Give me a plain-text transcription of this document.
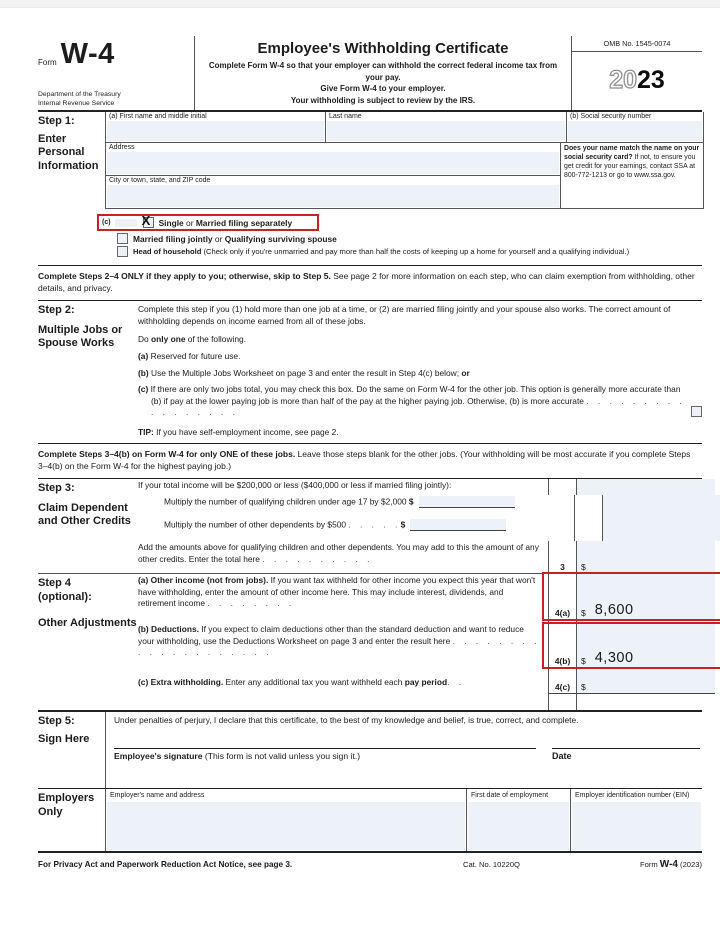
Form W-4
Department of the Treasury
Internal Revenue Service
Employee's Withholding Certificate
Complete Form W-4 so that your employer can withhold the correct federal income tax from your pay.
Give Form W-4 to your employer.
Your withholding is subject to review by the IRS.
OMB No. 1545-0074
20 23
Step 1:
Enter Personal Information
(a) First name and middle initial	Last name	(b) Social security number
Address
City or town, state, and ZIP code
Does your name match the name on your social security card? If not, to ensure you get credit for your earnings, contact SSA at 800-772-1213 or go to www.ssa.gov.
(c) X Single or Married filing separately
Married filing jointly or Qualifying surviving spouse
Head of household (Check only if you're unmarried and pay more than half the costs of keeping up a home for yourself and a qualifying individual.)
Complete Steps 2–4 ONLY if they apply to you; otherwise, skip to Step 5. See page 2 for more information on each step, who can claim exemption from withholding, other details, and privacy.
Step 2:
Multiple Jobs or Spouse Works

Complete this step if you (1) hold more than one job at a time, or (2) are married filing jointly and your spouse also works. The correct amount of withholding depends on income earned from all of these jobs.

Do only one of the following.

(a) Reserved for future use.

(b) Use the Multiple Jobs Worksheet on page 3 and enter the result in Step 4(c) below; or

(c) If there are only two jobs total, you may check this box. Do the same on Form W-4 for the other job. This option is generally more accurate than (b) if pay at the lower paying job is more than half of the pay at the higher paying job. Otherwise, (b) is more accurate . . . . . . . . . . . . . . . . .

TIP: If you have self-employment income, see page 2.

Complete Steps 3–4(b) on Form W-4 for only ONE of these jobs. Leave those steps blank for the other jobs. (Your withholding will be most accurate if you complete Steps 3–4(b) on the Form W-4 for the highest paying job.)
Step 3:
Claim Dependent and Other Credits
If your total income will be $200,000 or less ($400,000 or less if married filing jointly):
Multiply the number of qualifying children under age 17 by $2,000 $
Multiply the number of other dependents by $500 . . . . . $
Add the amounts above for qualifying children and other dependents. You may add to this the amount of any other credits. Enter the total here . . . . . . . . . .
3	$
Step 4
(optional):
Other Adjustments
(a) Other income (not from jobs). If you want tax withheld for other income you expect this year that won't have withholding, enter the amount of other income here. This may include interest, dividends, and retirement income . . . . . . . .
4(a)	$ 8,600
(b) Deductions. If you expect to claim deductions other than the standard deduction and want to reduce your withholding, use the Deductions Worksheet on page 3 and enter the result here . . . . . . . . . . . . . . . . . . . .
4(b)	$ 4,300
(c) Extra withholding. Enter any additional tax you want withheld each pay period. .	4(c)	$
Step 5:
Sign Here
Under penalties of perjury, I declare that this certificate, to the best of my knowledge and belief, is true, correct, and complete.
Employee's signature (This form is not valid unless you sign it.)	Date
Employers Only
Employer's name and address	First date of employment	Employer identification number (EIN)
For Privacy Act and Paperwork Reduction Act Notice, see page 3.	Cat. No. 10220Q	Form W-4 (2023)
